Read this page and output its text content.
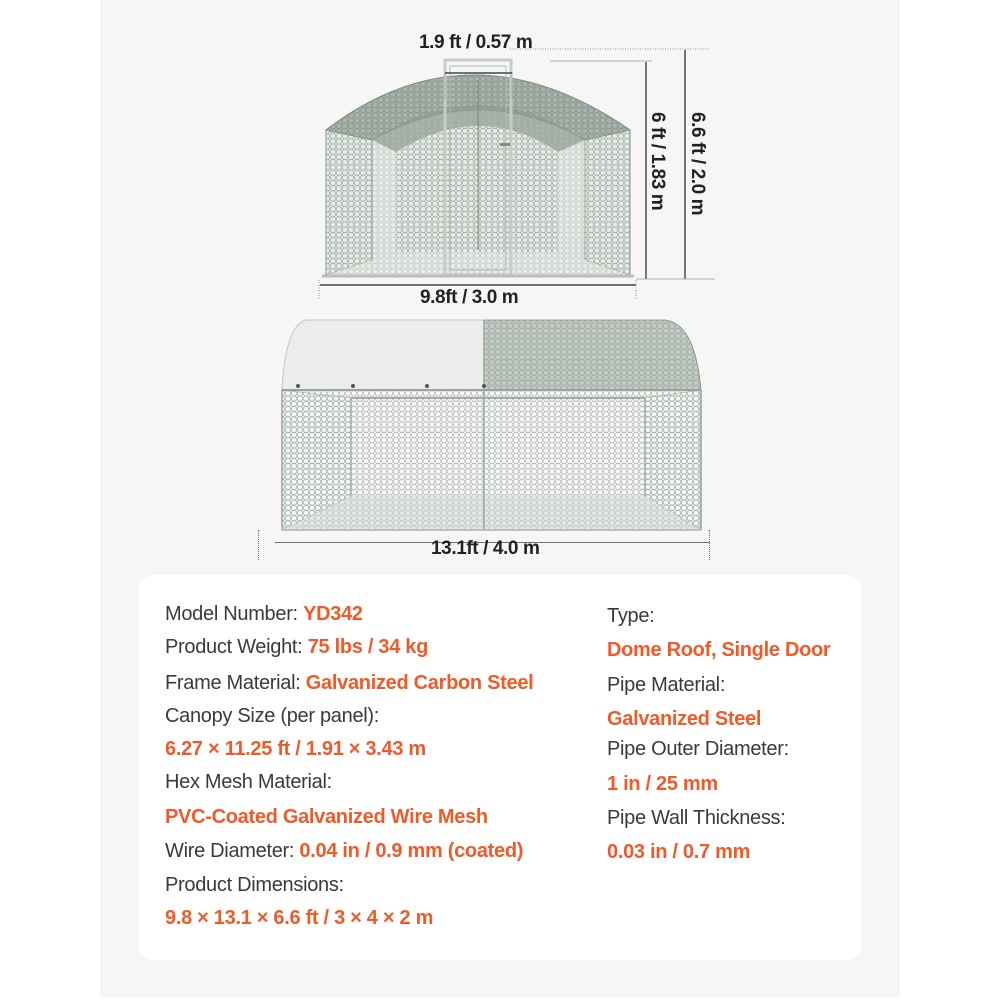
1.9 ft / 0.57 m
6 ft / 1.83 m 6.6 ft / 2.0 m
9.8ft / 3.0 m
13.1ft / 4.0 m
Model Number: YD342
Product Weight: 75 lbs / 34 kg
Frame Material: Galvanized Carbon Steel
Canopy Size (per panel):
6.27 × 11.25 ft / 1.91 × 3.43 m
Hex Mesh Material:
PVC-Coated Galvanized Wire Mesh
Wire Diameter: 0.04 in / 0.9 mm (coated)
Product Dimensions:
9.8 × 13.1 × 6.6 ft / 3 × 4 × 2 m
Type:
Dome Roof, Single Door
Pipe Material:
Galvanized Steel
Pipe Outer Diameter:
1 in / 25 mm
Pipe Wall Thickness:
0.03 in / 0.7 mm
